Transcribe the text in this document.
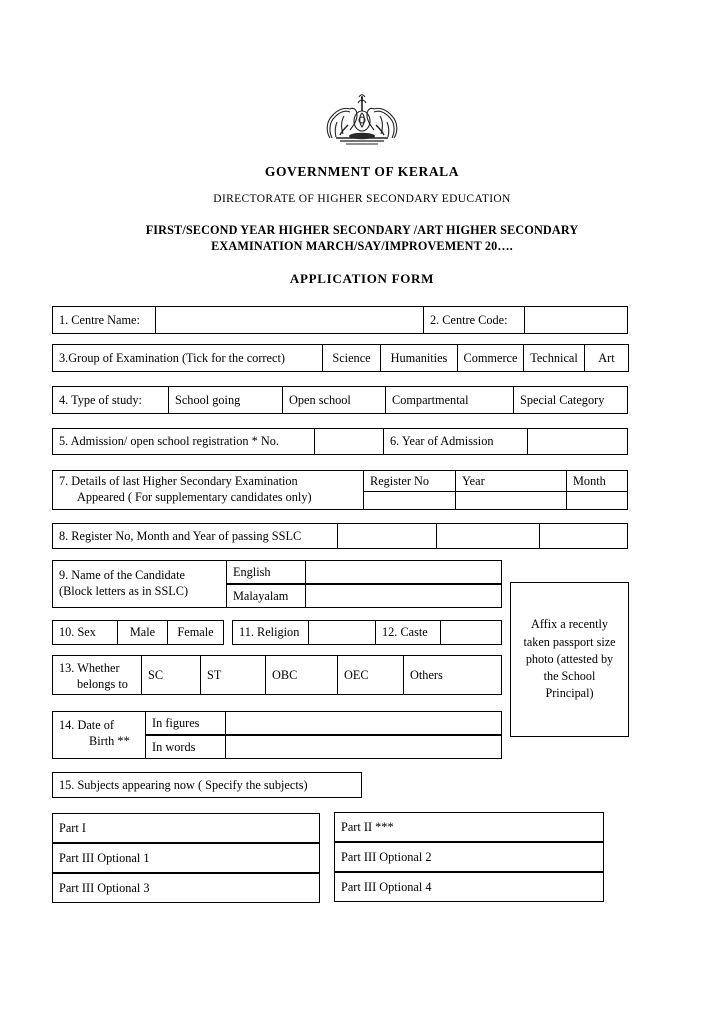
GOVERNMENT OF KERALA
DIRECTORATE OF HIGHER SECONDARY EDUCATION
FIRST/SECOND YEAR HIGHER SECONDARY /ART HIGHER SECONDARY
EXAMINATION MARCH/SAY/IMPROVEMENT 20….
APPLICATION FORM
1. Centre Name:	2. Centre Code:
3.Group of Examination (Tick for the correct)	Science	Humanities	Commerce	Technical	Art
4. Type of study:	School going	Open school	Compartmental	Special Category
5. Admission/ open school registration * No.	6. Year of Admission
7. Details of last Higher Secondary Examination
Appeared ( For supplementary candidates only)
Register No	Year	Month
8. Register No, Month and Year of passing SSLC
9. Name of the Candidate
(Block letters as in SSLC)
English
Malayalam
10. Sex	Male	Female	11. Religion	12. Caste
13. Whether
belongs to
SC	ST	OBC	OEC	Others
14. Date of
Birth **
In figures
In words
Affix a recently taken passport size photo (attested by the School Principal)
15. Subjects appearing now ( Specify the subjects)
Part I
Part III Optional 1
Part III Optional 3
Part II ***
Part III Optional 2
Part III Optional 4
